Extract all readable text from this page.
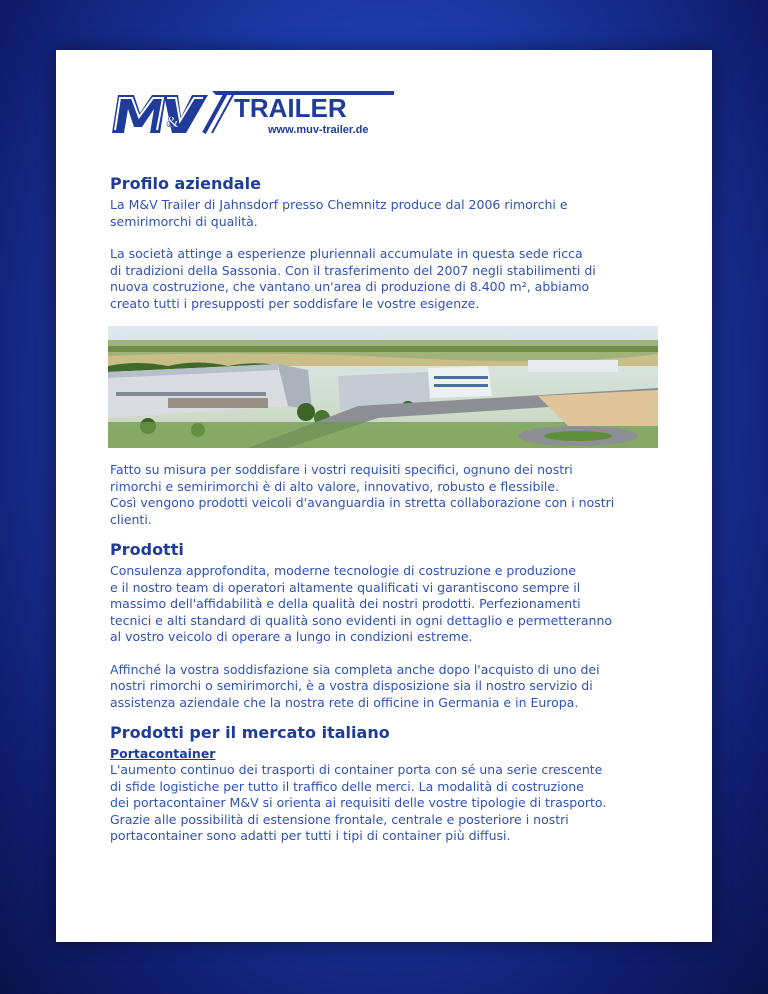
& TRAILER
www.muv-trailer.de
Profilo aziendale

La M&V Trailer di Jahnsdorf presso Chemnitz produce dal 2006 rimorchi e
semirimorchi di qualità.

La società attinge a esperienze pluriennali accumulate in questa sede ricca
di tradizioni della Sassonia. Con il trasferimento del 2007 negli stabilimenti di
nuova costruzione, che vantano un'area di produzione di 8.400 m², abbiamo
creato tutti i presupposti per soddisfare le vostre esigenze.

Fatto su misura per soddisfare i vostri requisiti specifici, ognuno dei nostri
rimorchi e semirimorchi è di alto valore, innovativo, robusto e flessibile.
Così vengono prodotti veicoli d'avanguardia in stretta collaborazione con i nostri
clienti.

Prodotti

Consulenza approfondita, moderne tecnologie di costruzione e produzione
e il nostro team di operatori altamente qualificati vi garantiscono sempre il
massimo dell'affidabilità e della qualità dei nostri prodotti. Perfezionamenti
tecnici e alti standard di qualità sono evidenti in ogni dettaglio e permetteranno
al vostro veicolo di operare a lungo in condizioni estreme.

Affinché la vostra soddisfazione sia completa anche dopo l'acquisto di uno dei
nostri rimorchi o semirimorchi, è a vostra disposizione sia il nostro servizio di
assistenza aziendale che la nostra rete di officine in Germania e in Europa.

Prodotti per il mercato italiano
Portacontainer

L'aumento continuo dei trasporti di container porta con sé una serie crescente
di sfide logistiche per tutto il traffico delle merci. La modalità di costruzione
dei portacontainer M&V si orienta ai requisiti delle vostre tipologie di trasporto.
Grazie alle possibilità di estensione frontale, centrale e posteriore i nostri
portacontainer sono adatti per tutti i tipi di container più diffusi.
